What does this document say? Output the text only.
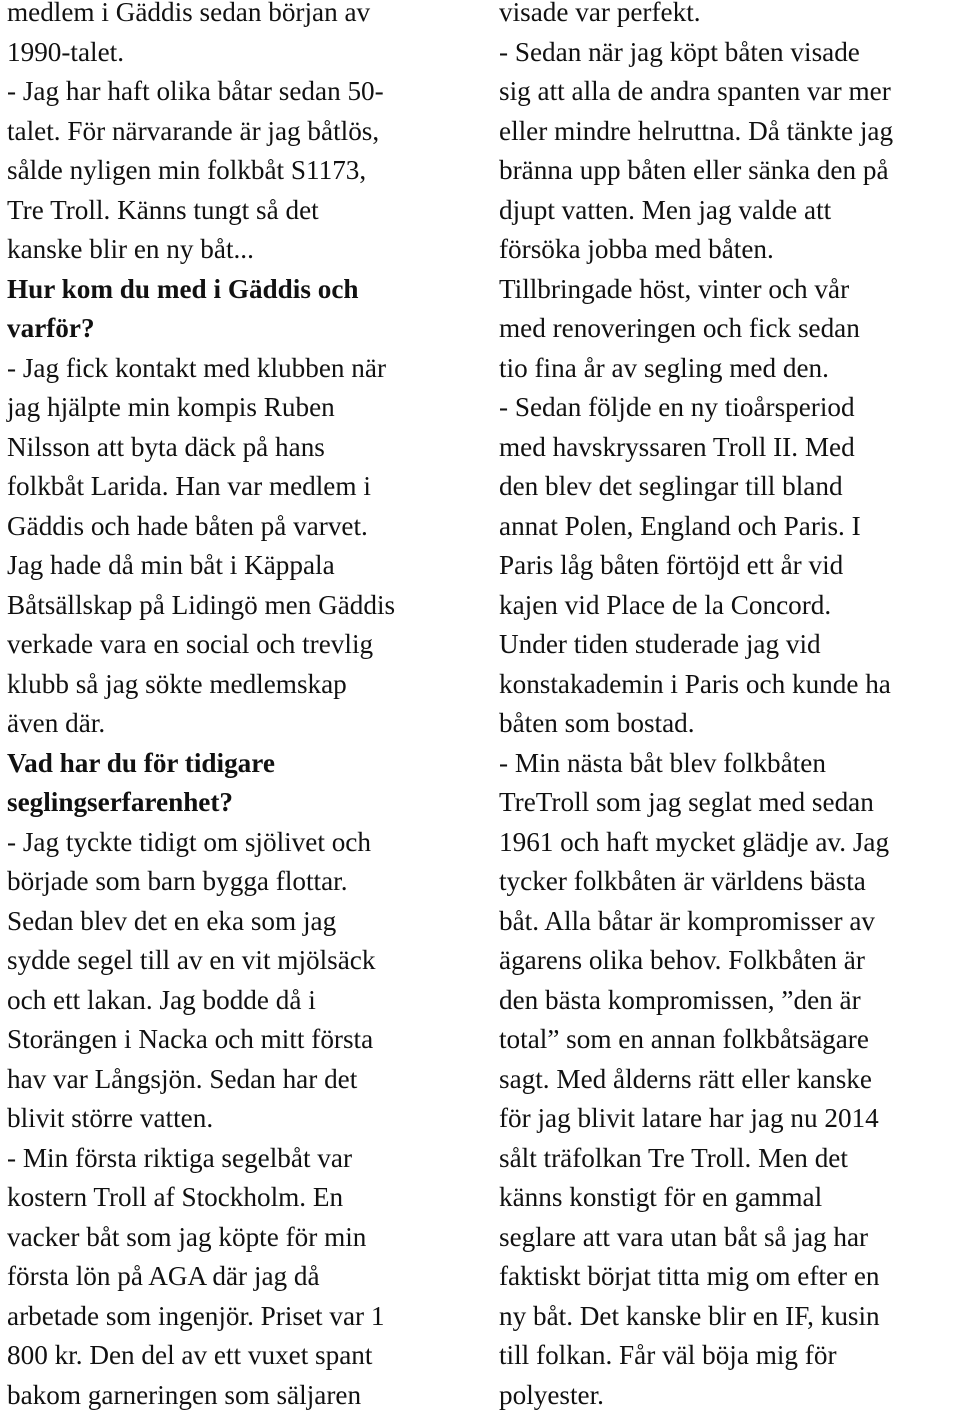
medlem i Gäddis sedan början av
1990-talet.
- Jag har haft olika båtar sedan 50-
talet. För närvarande är jag båtlös,
sålde nyligen min folkbåt S1173,
Tre Troll. Känns tungt så det
kanske blir en ny båt...
Hur kom du med i Gäddis och
varför?
- Jag fick kontakt med klubben när
jag hjälpte min kompis Ruben
Nilsson att byta däck på hans
folkbåt Larida. Han var medlem i
Gäddis och hade båten på varvet.
Jag hade då min båt i Käppala
Båtsällskap på Lidingö men Gäddis
verkade vara en social och trevlig
klubb så jag sökte medlemskap
även där.
Vad har du för tidigare
seglingserfarenhet?
- Jag tyckte tidigt om sjölivet och
började som barn bygga flottar.
Sedan blev det en eka som jag
sydde segel till av en vit mjölsäck
och ett lakan. Jag bodde då i
Storängen i Nacka och mitt första
hav var Långsjön. Sedan har det
blivit större vatten.
- Min första riktiga segelbåt var
kostern Troll af Stockholm. En
vacker båt som jag köpte för min
första lön på AGA där jag då
arbetade som ingenjör. Priset var 1
800 kr. Den del av ett vuxet spant
bakom garneringen som säljaren
visade var perfekt.
- Sedan när jag köpt båten visade
sig att alla de andra spanten var mer
eller mindre helruttna. Då tänkte jag
bränna upp båten eller sänka den på
djupt vatten. Men jag valde att
försöka jobba med båten.
Tillbringade höst, vinter och vår
med renoveringen och fick sedan
tio fina år av segling med den.
- Sedan följde en ny tioårsperiod
med havskryssaren Troll II. Med
den blev det seglingar till bland
annat Polen, England och Paris. I
Paris låg båten förtöjd ett år vid
kajen vid Place de la Concord.
Under tiden studerade jag vid
konstakademin i Paris och kunde ha
båten som bostad.
- Min nästa båt blev folkbåten
TreTroll som jag seglat med sedan
1961 och haft mycket glädje av. Jag
tycker folkbåten är världens bästa
båt. Alla båtar är kompromisser av
ägarens olika behov. Folkbåten är
den bästa kompromissen, ”den är
total” som en annan folkbåtsägare
sagt. Med ålderns rätt eller kanske
för jag blivit latare har jag nu 2014
sålt träfolkan Tre Troll. Men det
känns konstigt för en gammal
seglare att vara utan båt så jag har
faktiskt börjat titta mig om efter en
ny båt. Det kanske blir en IF, kusin
till folkan. Får väl böja mig för
polyester.
